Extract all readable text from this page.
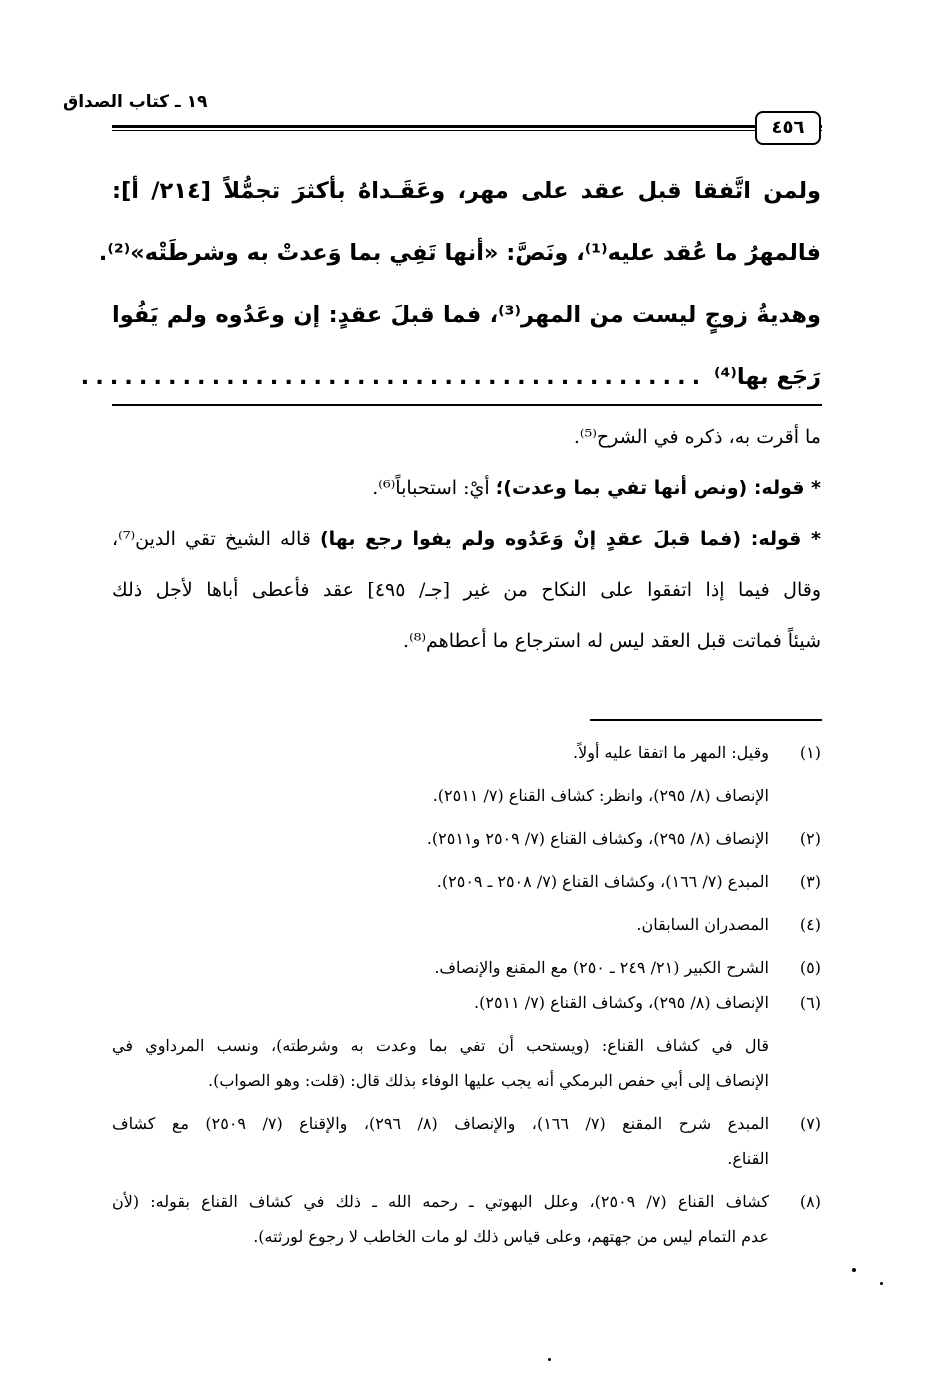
١٩ ـ كتاب الصداق
٤٥٦
ولمن اتَّفقا قبل عقد على مهر، وعَقَـداهُ بأكثرَ تجمُّلاً [٢١٤/ أ]:
فالمهرُ ما عُقد عليه⁽¹⁾، ونَصَّ: «أنها تَفِي بما وَعدتْ به وشرطَتْه»⁽²⁾.
وهديةُ زوجٍ ليست من المهر⁽³⁾، فما قبلَ عقدٍ: إن وعَدُوه ولم يَفُوا
رَجَع بها⁽⁴⁾ ...........................................
ما أقرت به، ذكره في الشرح⁽⁵⁾.
* قوله: (ونص أنها تفي بما وعدت)؛ أيْ: استحباباً⁽⁶⁾.
* قوله: (فما قبلَ عقدٍ إنْ وَعَدُوه ولم يفوا رجع بها) قاله الشيخ تقي الدين⁽⁷⁾،
وقال فيما إذا اتفقوا على النكاح من غير [جـ/ ٤٩٥] عقد فأعطى أباها لأجل ذلك
شيئاً فماتت قبل العقد ليس له استرجاع ما أعطاهم⁽⁸⁾.
(١)وقيل: المهر ما اتفقا عليه أولاً.
الإنصاف (٨/ ٢٩٥)، وانظر: كشاف القناع (٧/ ٢٥١١).
(٢)الإنصاف (٨/ ٢٩٥)، وكشاف القناع (٧/ ٢٥٠٩ و٢٥١١).
(٣)المبدع (٧/ ١٦٦)، وكشاف القناع (٧/ ٢٥٠٨ ـ ٢٥٠٩).
(٤)المصدران السابقان.
(٥)الشرح الكبير (٢١/ ٢٤٩ ـ ٢٥٠) مع المقنع والإنصاف.
(٦)الإنصاف (٨/ ٢٩٥)، وكشاف القناع (٧/ ٢٥١١).
قال في كشاف القناع: (ويستحب أن تفي بما وعدت به وشرطته)، ونسب المرداوي في
الإنصاف إلى أبي حفص البرمكي أنه يجب عليها الوفاء بذلك قال: (قلت: وهو الصواب).
(٧)المبدع شرح المقنع (٧/ ١٦٦)، والإنصاف (٨/ ٢٩٦)، والإقناع (٧/ ٢٥٠٩) مع كشاف
القناع.
(٨)كشاف القناع (٧/ ٢٥٠٩)، وعلل البهوتي ـ رحمه الله ـ ذلك في كشاف القناع بقوله: (لأن
عدم التمام ليس من جهتهم، وعلى قياس ذلك لو مات الخاطب لا رجوع لورثته).
